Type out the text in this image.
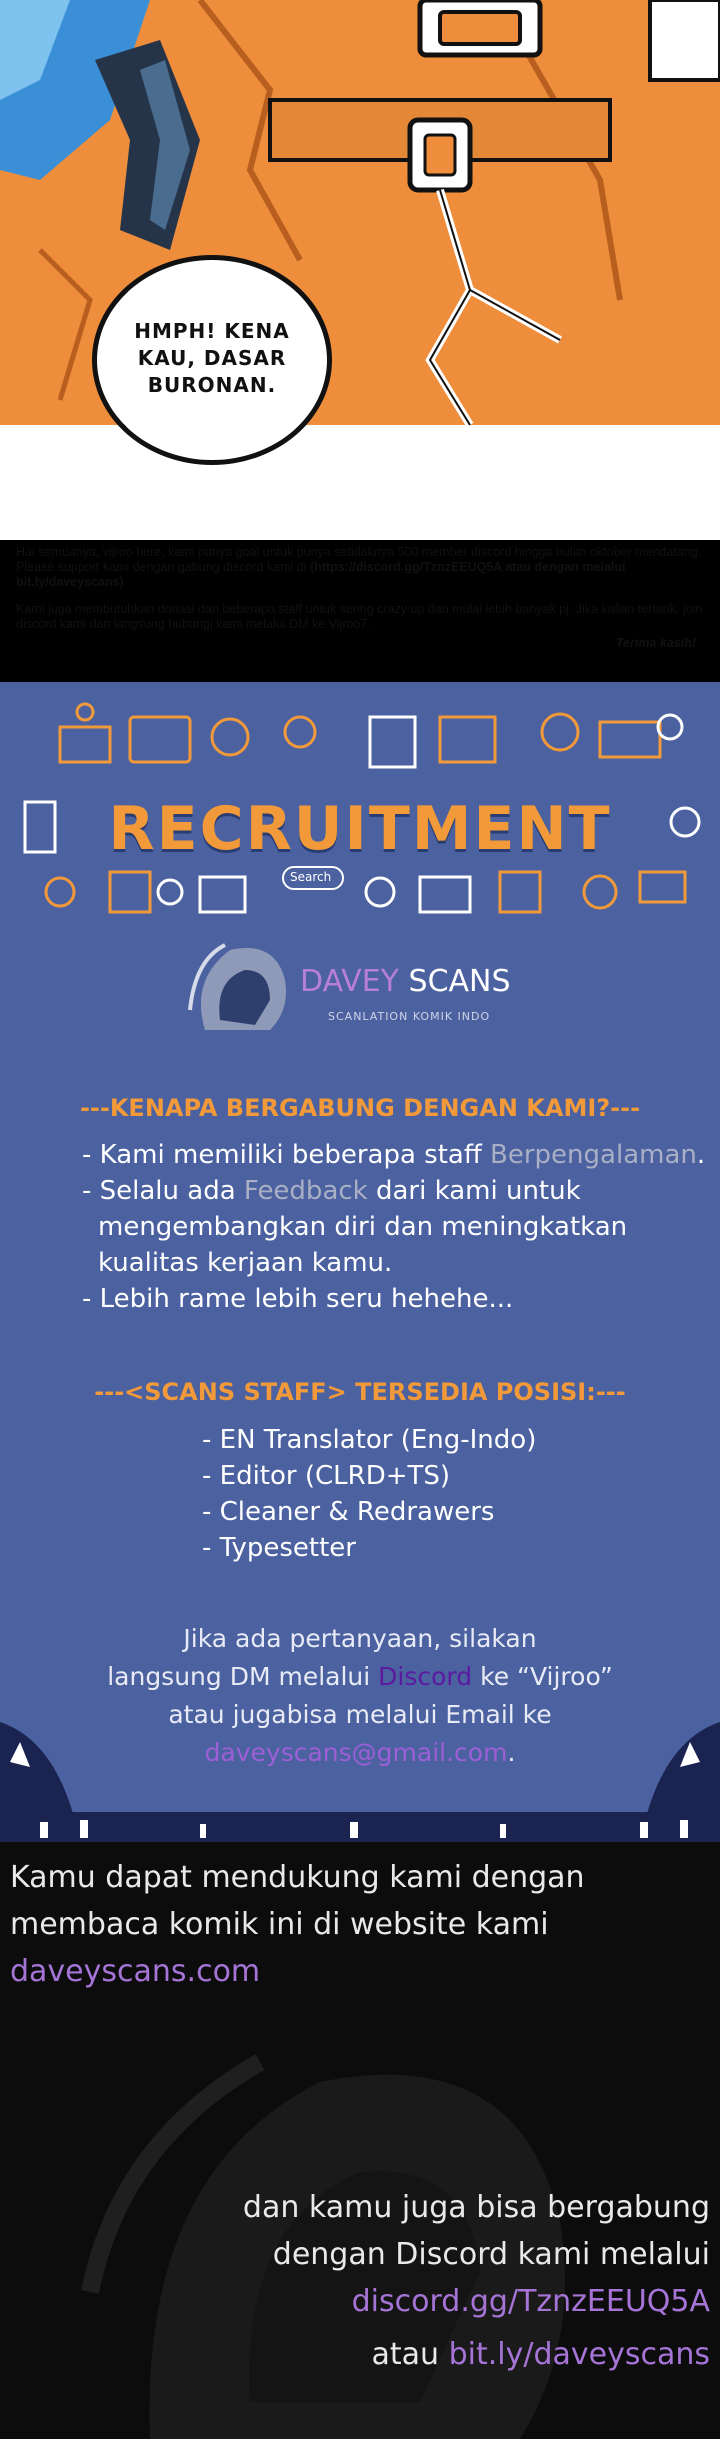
HMPH! KENA
KAU, DASAR
BURONAN.

Hai semuanya, vijroo here, kami punya goal untuk punya setidaknya 500 member discord hingga bulan oktober mendatang. Please support kami dengan gabung discord kami di (https://discord.gg/TznzEEUQ5A atau dengan melalui bit.ly/daveyscans)

Kami juga membutuhkan donasi dan beberapa staff untuk sering crazy up dan mulai lebih banyak pj. Jika kalian tertarik, join discord kami dan langsung hubungi kami melalui DM ke Vijroo7.

Terima kasih!

Search
RECRUITMENT
DAVEY SCANS
SCANLATION KOMIK INDO
---KENAPA BERGABUNG DENGAN KAMI?---
- Kami memiliki beberapa staff Berpengalaman.
- Selalu ada Feedback dari kami untuk
mengembangkan diri dan meningkatkan
kualitas kerjaan kamu.
- Lebih rame lebih seru hehehe...
---<SCANS STAFF> TERSEDIA POSISI:---
- EN Translator (Eng-Indo)
- Editor (CLRD+TS)
- Cleaner & Redrawers
- Typesetter
Jika ada pertanyaan, silakan
langsung DM melalui Discord ke “Vijroo”
atau jugabisa melalui Email ke
daveyscans@gmail.com.
Kamu dapat mendukung kami dengan
membaca komik ini di website kami
daveyscans.com
dan kamu juga bisa bergabung
dengan Discord kami melalui
discord.gg/TznzEEUQ5A
atau bit.ly/daveyscans
